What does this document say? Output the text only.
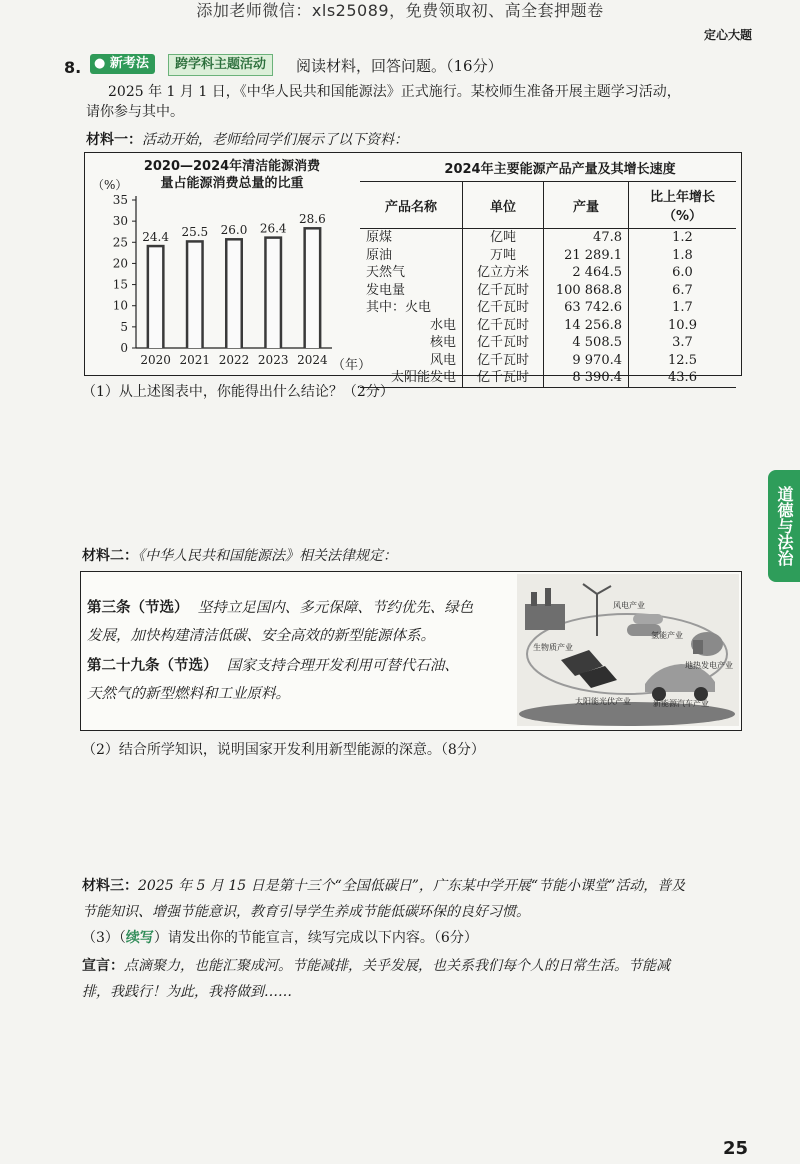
添加老师微信：xls25089，免费领取初、高全套押题卷
定心大题
8. ● 新考法	跨学科主题活动	阅读材料，回答问题。（16分）
2025 年 1 月 1 日，《中华人民共和国能源法》正式施行。某校师生准备开展主题学习活动，
请你参与其中。
材料一：活动开始，老师给同学们展示了以下资料：
2020—2024年清洁能源消费
量占能源消费总量的比重
（%）
（年）
0
5
10
15
20
25
30
35
24.4
2020
25.5
2021
26.0
2022
26.4
2023
28.6
2024
2024年主要能源产品产量及其增长速度
产品名称	单位	产量	比上年增长（%）
原煤	亿吨	47.8	1.2
原油	万吨	21 289.1	1.8
天然气	亿立方米	2 464.5	6.0
发电量	亿千瓦时	100 868.8	6.7
其中：火电	亿千瓦时	63 742.6	1.7
水电	亿千瓦时	14 256.8	10.9
核电	亿千瓦时	4 508.5	3.7
风电	亿千瓦时	9 970.4	12.5
太阳能发电	亿千瓦时	8 390.4	43.6
（1）从上述图表中，你能得出什么结论？（2分）
道德与法治
材料二：《中华人民共和国能源法》相关法律规定：
第三条（节选） 坚持立足国内、多元保障、节约优先、绿色
发展，加快构建清洁低碳、安全高效的新型能源体系。
第二十九条（节选） 国家支持合理开发利用可替代石油、
天然气的新型燃料和工业原料。
风电产业
氢能产业
生物质产业
太阳能光伏产业	新能源汽车产业
地热发电产业
（2）结合所学知识，说明国家开发利用新型能源的深意。（8分）
材料三：2025 年 5 月 15 日是第十三个“全国低碳日”，广东某中学开展“节能小课堂”活动，普及
节能知识、增强节能意识，教育引导学生养成节能低碳环保的良好习惯。
（3）（续写）请发出你的节能宣言，续写完成以下内容。（6分）
宣言：点滴聚力，也能汇聚成河。节能减排，关乎发展，也关系我们每个人的日常生活。节能减
排，我践行！为此，我将做到……
25
